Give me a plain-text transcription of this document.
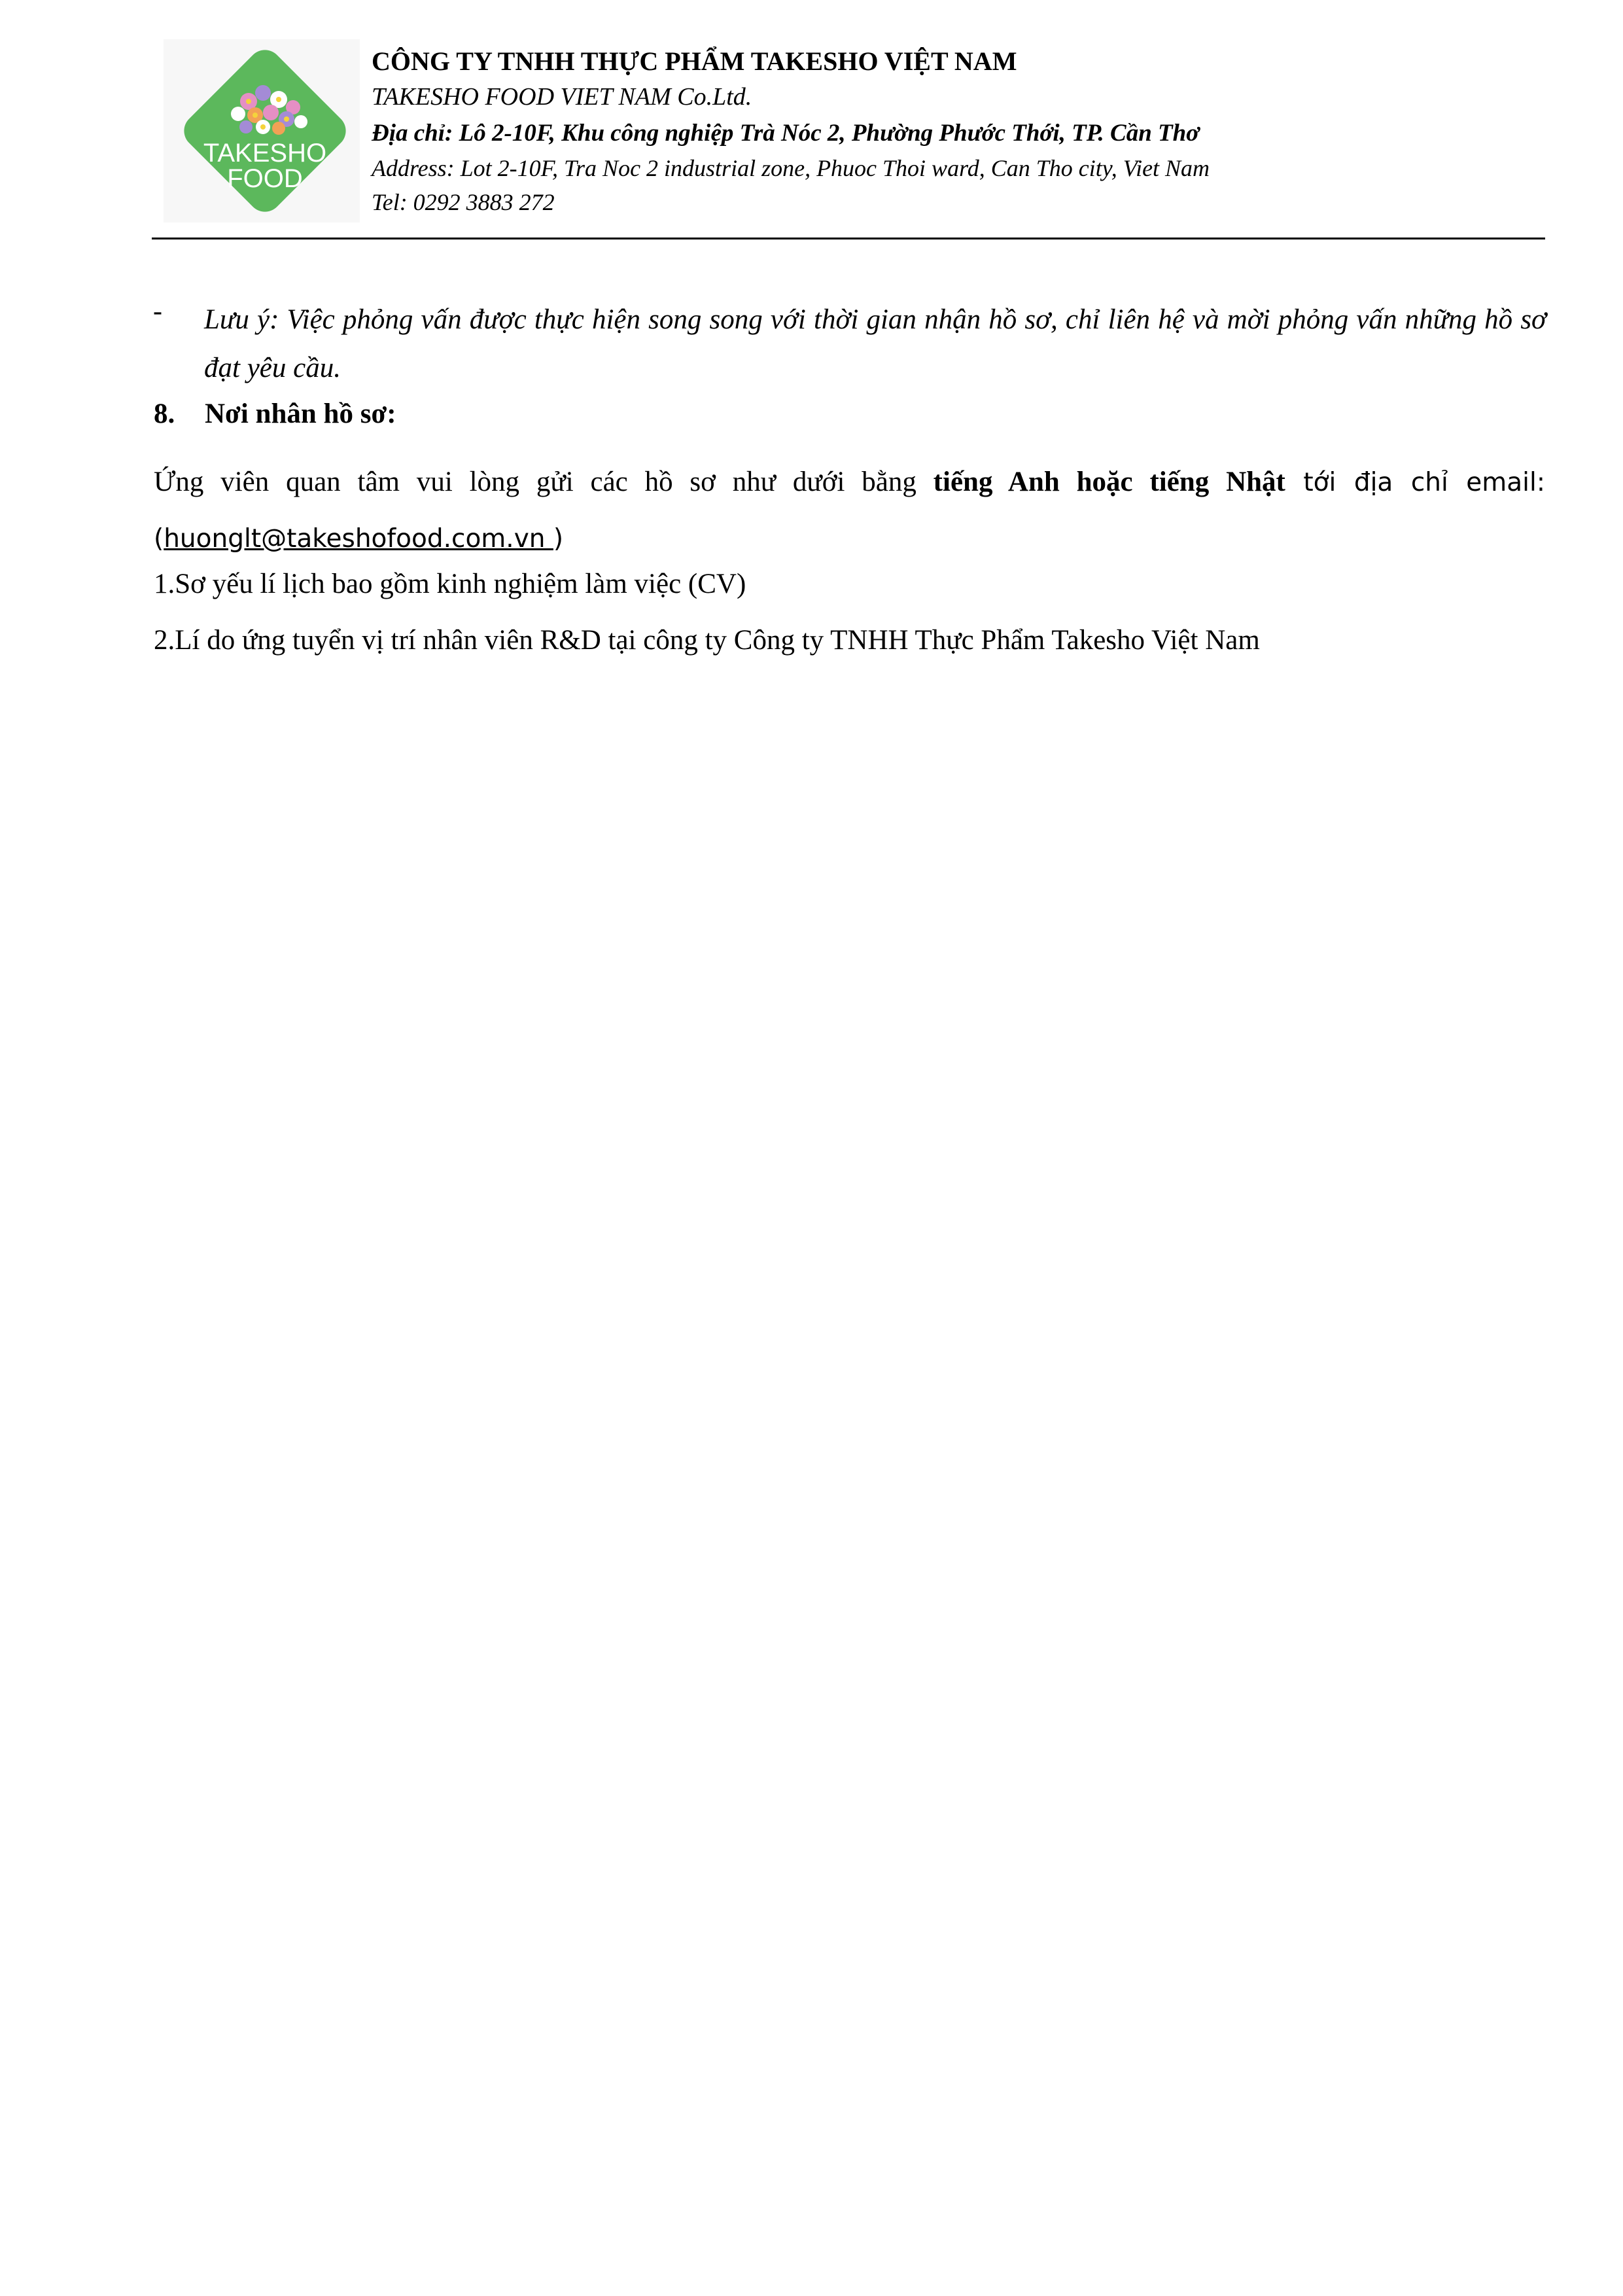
TAKESHO
FOOD
CÔNG TY TNHH THỰC PHẨM TAKESHO VIỆT NAM
TAKESHO FOOD VIET NAM Co.Ltd.
Địa chỉ: Lô 2-10F, Khu công nghiệp Trà Nóc 2, Phường Phước Thới, TP. Cần Thơ
Address: Lot 2-10F, Tra Noc 2 industrial zone, Phuoc Thoi ward, Can Tho city, Viet Nam
Tel: 0292 3883 272
- Lưu ý: Việc phỏng vấn được thực hiện song song với thời gian nhận hồ sơ, chỉ liên hệ và mời phỏng vấn những hồ sơ đạt yêu cầu.
8. Nơi nhân hồ sơ:
Ứng viên quan tâm vui lòng gửi các hồ sơ như dưới bằng tiếng Anh hoặc tiếng Nhật tới địa chỉ email:
(huonglt@takeshofood.com.vn )
1.Sơ yếu lí lịch bao gồm kinh nghiệm làm việc (CV)
2.Lí do ứng tuyển vị trí nhân viên R&D tại công ty Công ty TNHH Thực Phẩm Takesho Việt Nam
